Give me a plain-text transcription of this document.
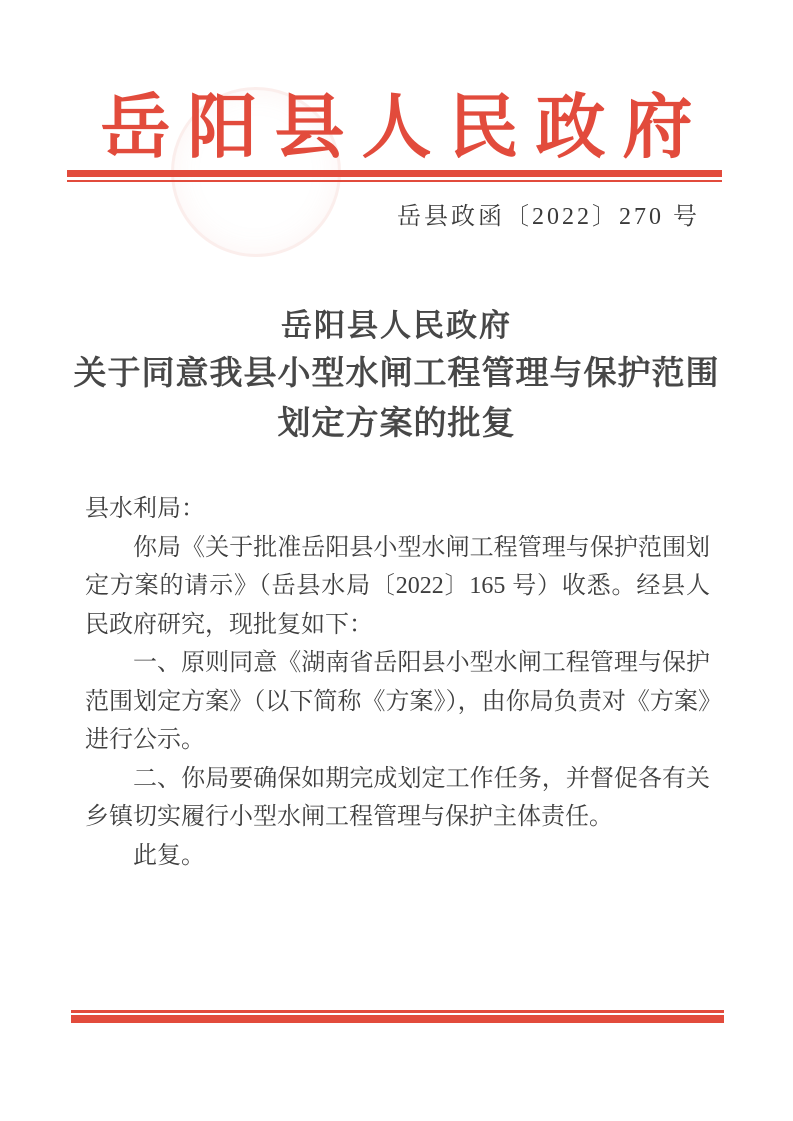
岳阳县人民政府
岳县政函〔2022〕270 号
岳阳县人民政府
关于同意我县小型水闸工程管理与保护范围
划定方案的批复

县水利局：

你局《关于批准岳阳县小型水闸工程管理与保护范围划定方案的请示》（岳县水局〔2022〕165 号）收悉。经县人民政府研究，现批复如下：

一、原则同意《湖南省岳阳县小型水闸工程管理与保护范围划定方案》（以下简称《方案》），由你局负责对《方案》进行公示。

二、你局要确保如期完成划定工作任务，并督促各有关乡镇切实履行小型水闸工程管理与保护主体责任。

此复。
